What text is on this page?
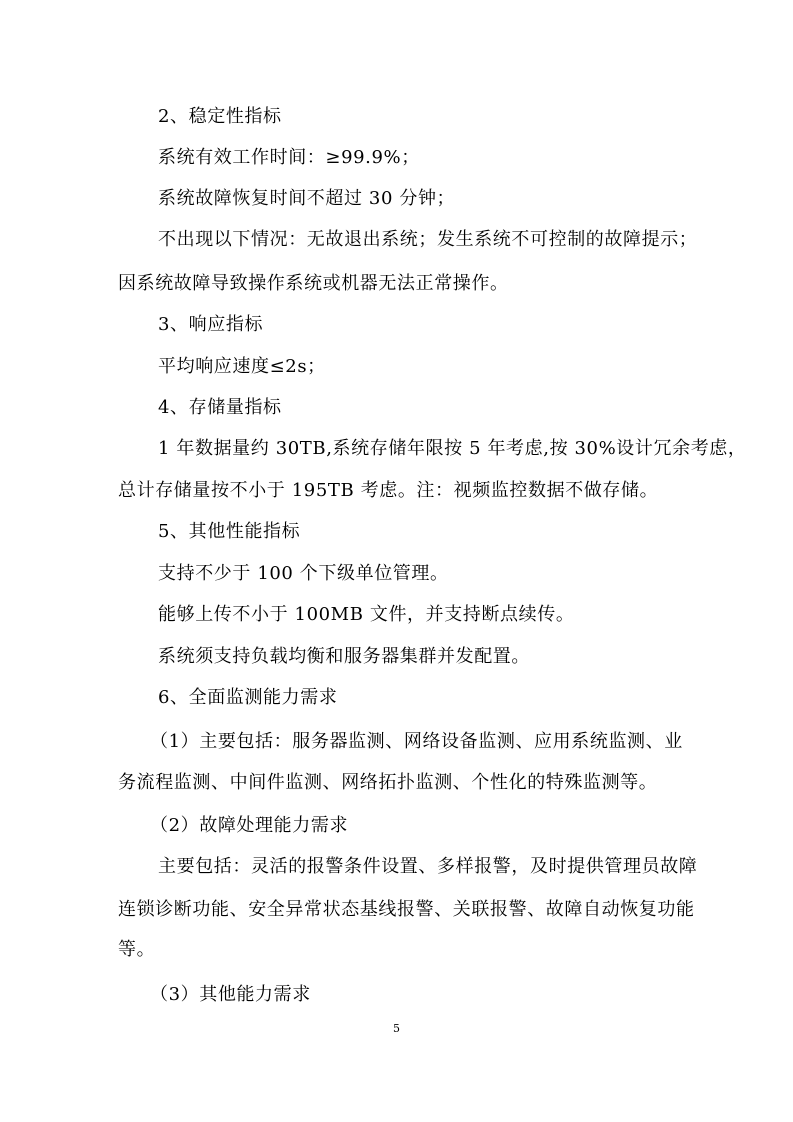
2、稳定性指标
系统有效工作时间：≥99.9%；
系统故障恢复时间不超过 30 分钟；
不出现以下情况：无故退出系统；发生系统不可控制的故障提示；
因系统故障导致操作系统或机器无法正常操作。
3、响应指标
平均响应速度≤2s；
4、存储量指标
1 年数据量约 30TB,系统存储年限按 5 年考虑,按 30%设计冗余考虑，
总计存储量按不小于 195TB 考虑。注：视频监控数据不做存储。
5、其他性能指标
支持不少于 100 个下级单位管理。
能够上传不小于 100MB 文件，并支持断点续传。
系统须支持负载均衡和服务器集群并发配置。
6、全面监测能力需求
（1）主要包括：服务器监测、网络设备监测、应用系统监测、业
务流程监测、中间件监测、网络拓扑监测、个性化的特殊监测等。
（2）故障处理能力需求
主要包括：灵活的报警条件设置、多样报警，及时提供管理员故障
连锁诊断功能、安全异常状态基线报警、关联报警、故障自动恢复功能
等。
（3）其他能力需求
5
